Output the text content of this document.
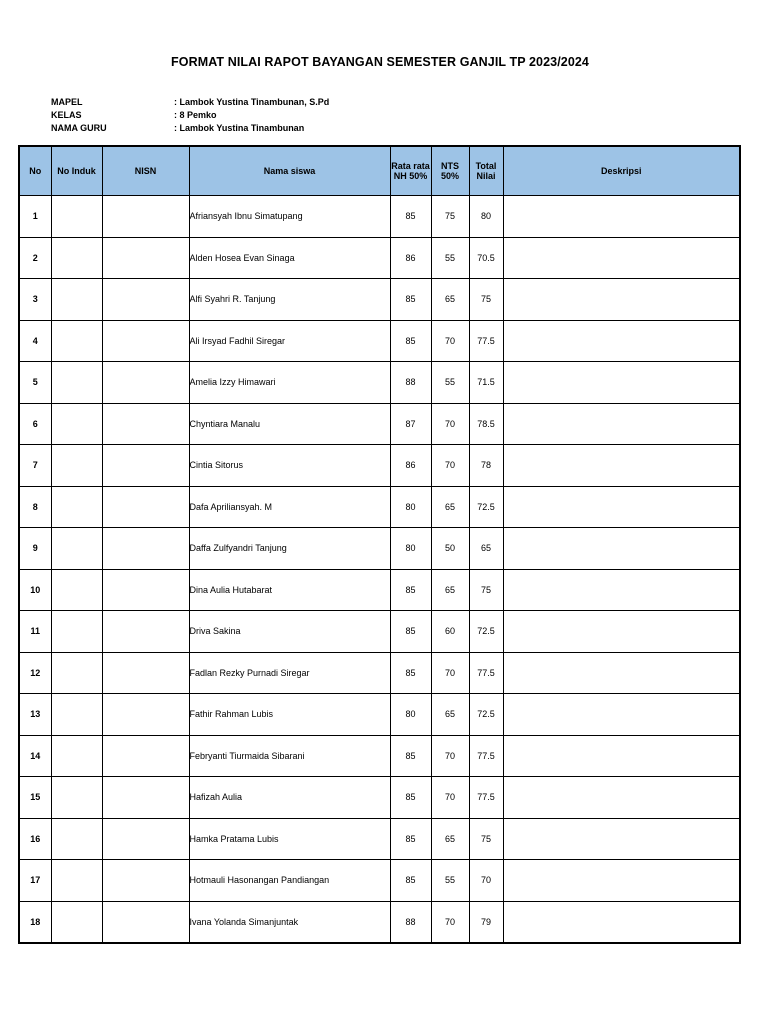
FORMAT NILAI RAPOT BAYANGAN SEMESTER GANJIL TP 2023/2024
MAPEL	: Lambok Yustina Tinambunan, S.Pd
KELAS	: 8 Pemko
NAMA GURU	: Lambok Yustina Tinambunan
No	No Induk	NISN	Nama siswa	Rata rata NH 50%	NTS 50%	Total Nilai	Deskripsi
1			Afriansyah Ibnu Simatupang	85	75	80	
2			Alden Hosea Evan Sinaga	86	55	70.5	
3			Alfi Syahri R. Tanjung	85	65	75	
4			Ali Irsyad Fadhil Siregar	85	70	77.5	
5			Amelia Izzy Himawari	88	55	71.5	
6			Chyntiara Manalu	87	70	78.5	
7			Cintia Sitorus	86	70	78	
8			Dafa Apriliansyah. M	80	65	72.5	
9			Daffa Zulfyandri Tanjung	80	50	65	
10			Dina Aulia Hutabarat	85	65	75	
11			Driva Sakina	85	60	72.5	
12			Fadlan Rezky Purnadi Siregar	85	70	77.5	
13			Fathir Rahman Lubis	80	65	72.5	
14			Febryanti Tiurmaida Sibarani	85	70	77.5	
15			Hafizah Aulia	85	70	77.5	
16			Hamka Pratama Lubis	85	65	75	
17			Hotmauli Hasonangan Pandiangan	85	55	70	
18			Ivana Yolanda Simanjuntak	88	70	79	
